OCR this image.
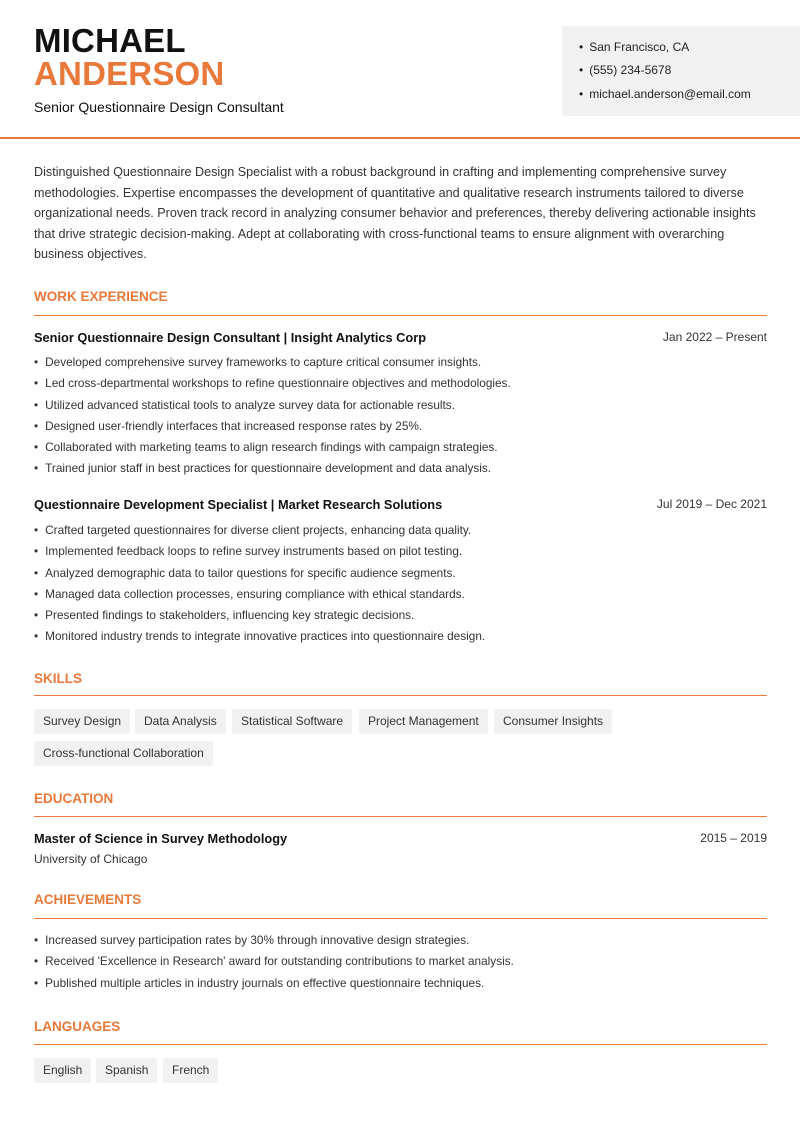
MICHAEL
ANDERSON
Senior Questionnaire Design Consultant
• San Francisco, CA
• (555) 234-5678
• michael.anderson@email.com
Distinguished Questionnaire Design Specialist with a robust background in crafting and implementing comprehensive survey methodologies. Expertise encompasses the development of quantitative and qualitative research instruments tailored to diverse organizational needs. Proven track record in analyzing consumer behavior and preferences, thereby delivering actionable insights that drive strategic decision-making. Adept at collaborating with cross-functional teams to ensure alignment with overarching business objectives.
WORK EXPERIENCE
Senior Questionnaire Design Consultant | Insight Analytics Corp	Jan 2022 – Present
• Developed comprehensive survey frameworks to capture critical consumer insights.
• Led cross-departmental workshops to refine questionnaire objectives and methodologies.
• Utilized advanced statistical tools to analyze survey data for actionable results.
• Designed user-friendly interfaces that increased response rates by 25%.
• Collaborated with marketing teams to align research findings with campaign strategies.
• Trained junior staff in best practices for questionnaire development and data analysis.
Questionnaire Development Specialist | Market Research Solutions	Jul 2019 – Dec 2021
• Crafted targeted questionnaires for diverse client projects, enhancing data quality.
• Implemented feedback loops to refine survey instruments based on pilot testing.
• Analyzed demographic data to tailor questions for specific audience segments.
• Managed data collection processes, ensuring compliance with ethical standards.
• Presented findings to stakeholders, influencing key strategic decisions.
• Monitored industry trends to integrate innovative practices into questionnaire design.
SKILLS
Survey Design	Data Analysis	Statistical Software	Project Management	Consumer Insights
Cross-functional Collaboration
EDUCATION
Master of Science in Survey Methodology	2015 – 2019
University of Chicago
ACHIEVEMENTS
• Increased survey participation rates by 30% through innovative design strategies.
• Received 'Excellence in Research' award for outstanding contributions to market analysis.
• Published multiple articles in industry journals on effective questionnaire techniques.
LANGUAGES
English	Spanish	French
